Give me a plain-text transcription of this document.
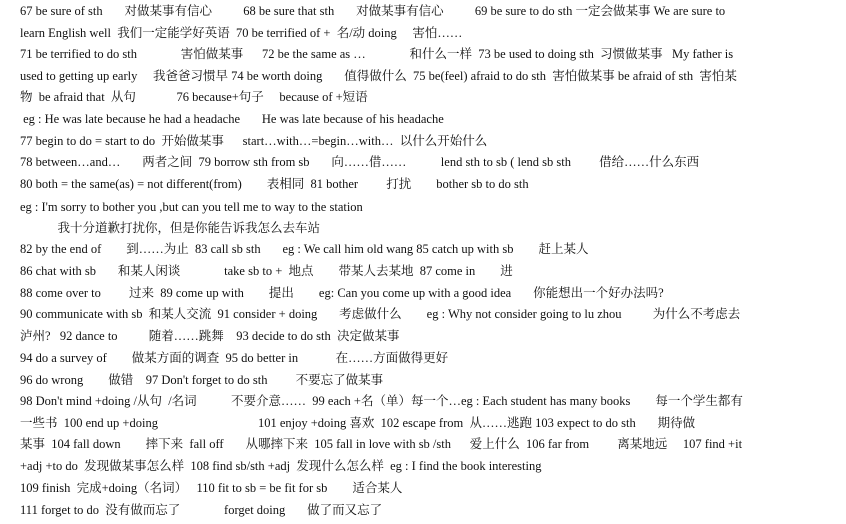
67 be sure of sth       对做某事有信心          68 be sure that sth       对做某事有信心          69 be sure to do sth 一定会做某事 We are sure to
learn English well  我们一定能学好英语  70 be terrified of +  名/动 doing     害怕……
71 be terrified to do sth              害怕做某事      72 be the same as …              和什么一样  73 be used to doing sth  习惯做某事   My father is
used to getting up early     我爸爸习惯早 74 be worth doing       值得做什么  75 be(feel) afraid to do sth  害怕做某事 be afraid of sth  害怕某
物  be afraid that  从句             76 because+句子     because of +短语
eg : He was late because he had a headache       He was late because of his headache
77 begin to do = start to do  开始做某事      start…with…=begin…with…  以什么开始什么
78 between…and…       两者之间  79 borrow sth from sb       向……借……           lend sth to sb ( lend sb sth         借给……什么东西
80 both = the same(as) = not different(from)        表相同  81 bother         打扰        bother sb to do sth
eg : I'm sorry to bother you ,but can you tell me to way to the station
我十分道歉打扰你，但是你能告诉我怎么去车站
82 by the end of        到……为止  83 call sb sth       eg : We call him old wang 85 catch up with sb        赶上某人
86 chat with sb       和某人闲谈              take sb to +  地点        带某人去某地  87 come in        进
88 come over to         过来  89 come up with        提出        eg: Can you come up with a good idea       你能想出一个好办法吗?
90 communicate with sb  和某人交流  91 consider + doing       考虑做什么        eg : Why not consider going to lu zhou          为什么不考虑去
泸州?   92 dance to          随着……跳舞    93 decide to do sth  决定做某事
94 do a survey of        做某方面的调查  95 do better in            在……方面做得更好
96 do wrong        做错    97 Don't forget to do sth         不要忘了做某事
98 Don't mind +doing /从句  /名词           不要介意……  99 each +名（单）每一个…eg : Each student has many books        每一个学生都有
一些书  100 end up +doing                                101 enjoy +doing 喜欢  102 escape from  从……逃跑 103 expect to do sth       期待做
某事  104 fall down        摔下来  fall off       从哪摔下来  105 fall in love with sb /sth      爱上什么  106 far from         离某地远     107 find +it
+adj +to do  发现做某事怎么样  108 find sb/sth +adj  发现什么怎么样  eg : I find the book interesting
109 finish  完成+doing（名词）   110 fit to sb = be fit for sb        适合某人
111 forget to do  没有做而忘了              forget doing       做了而又忘了
